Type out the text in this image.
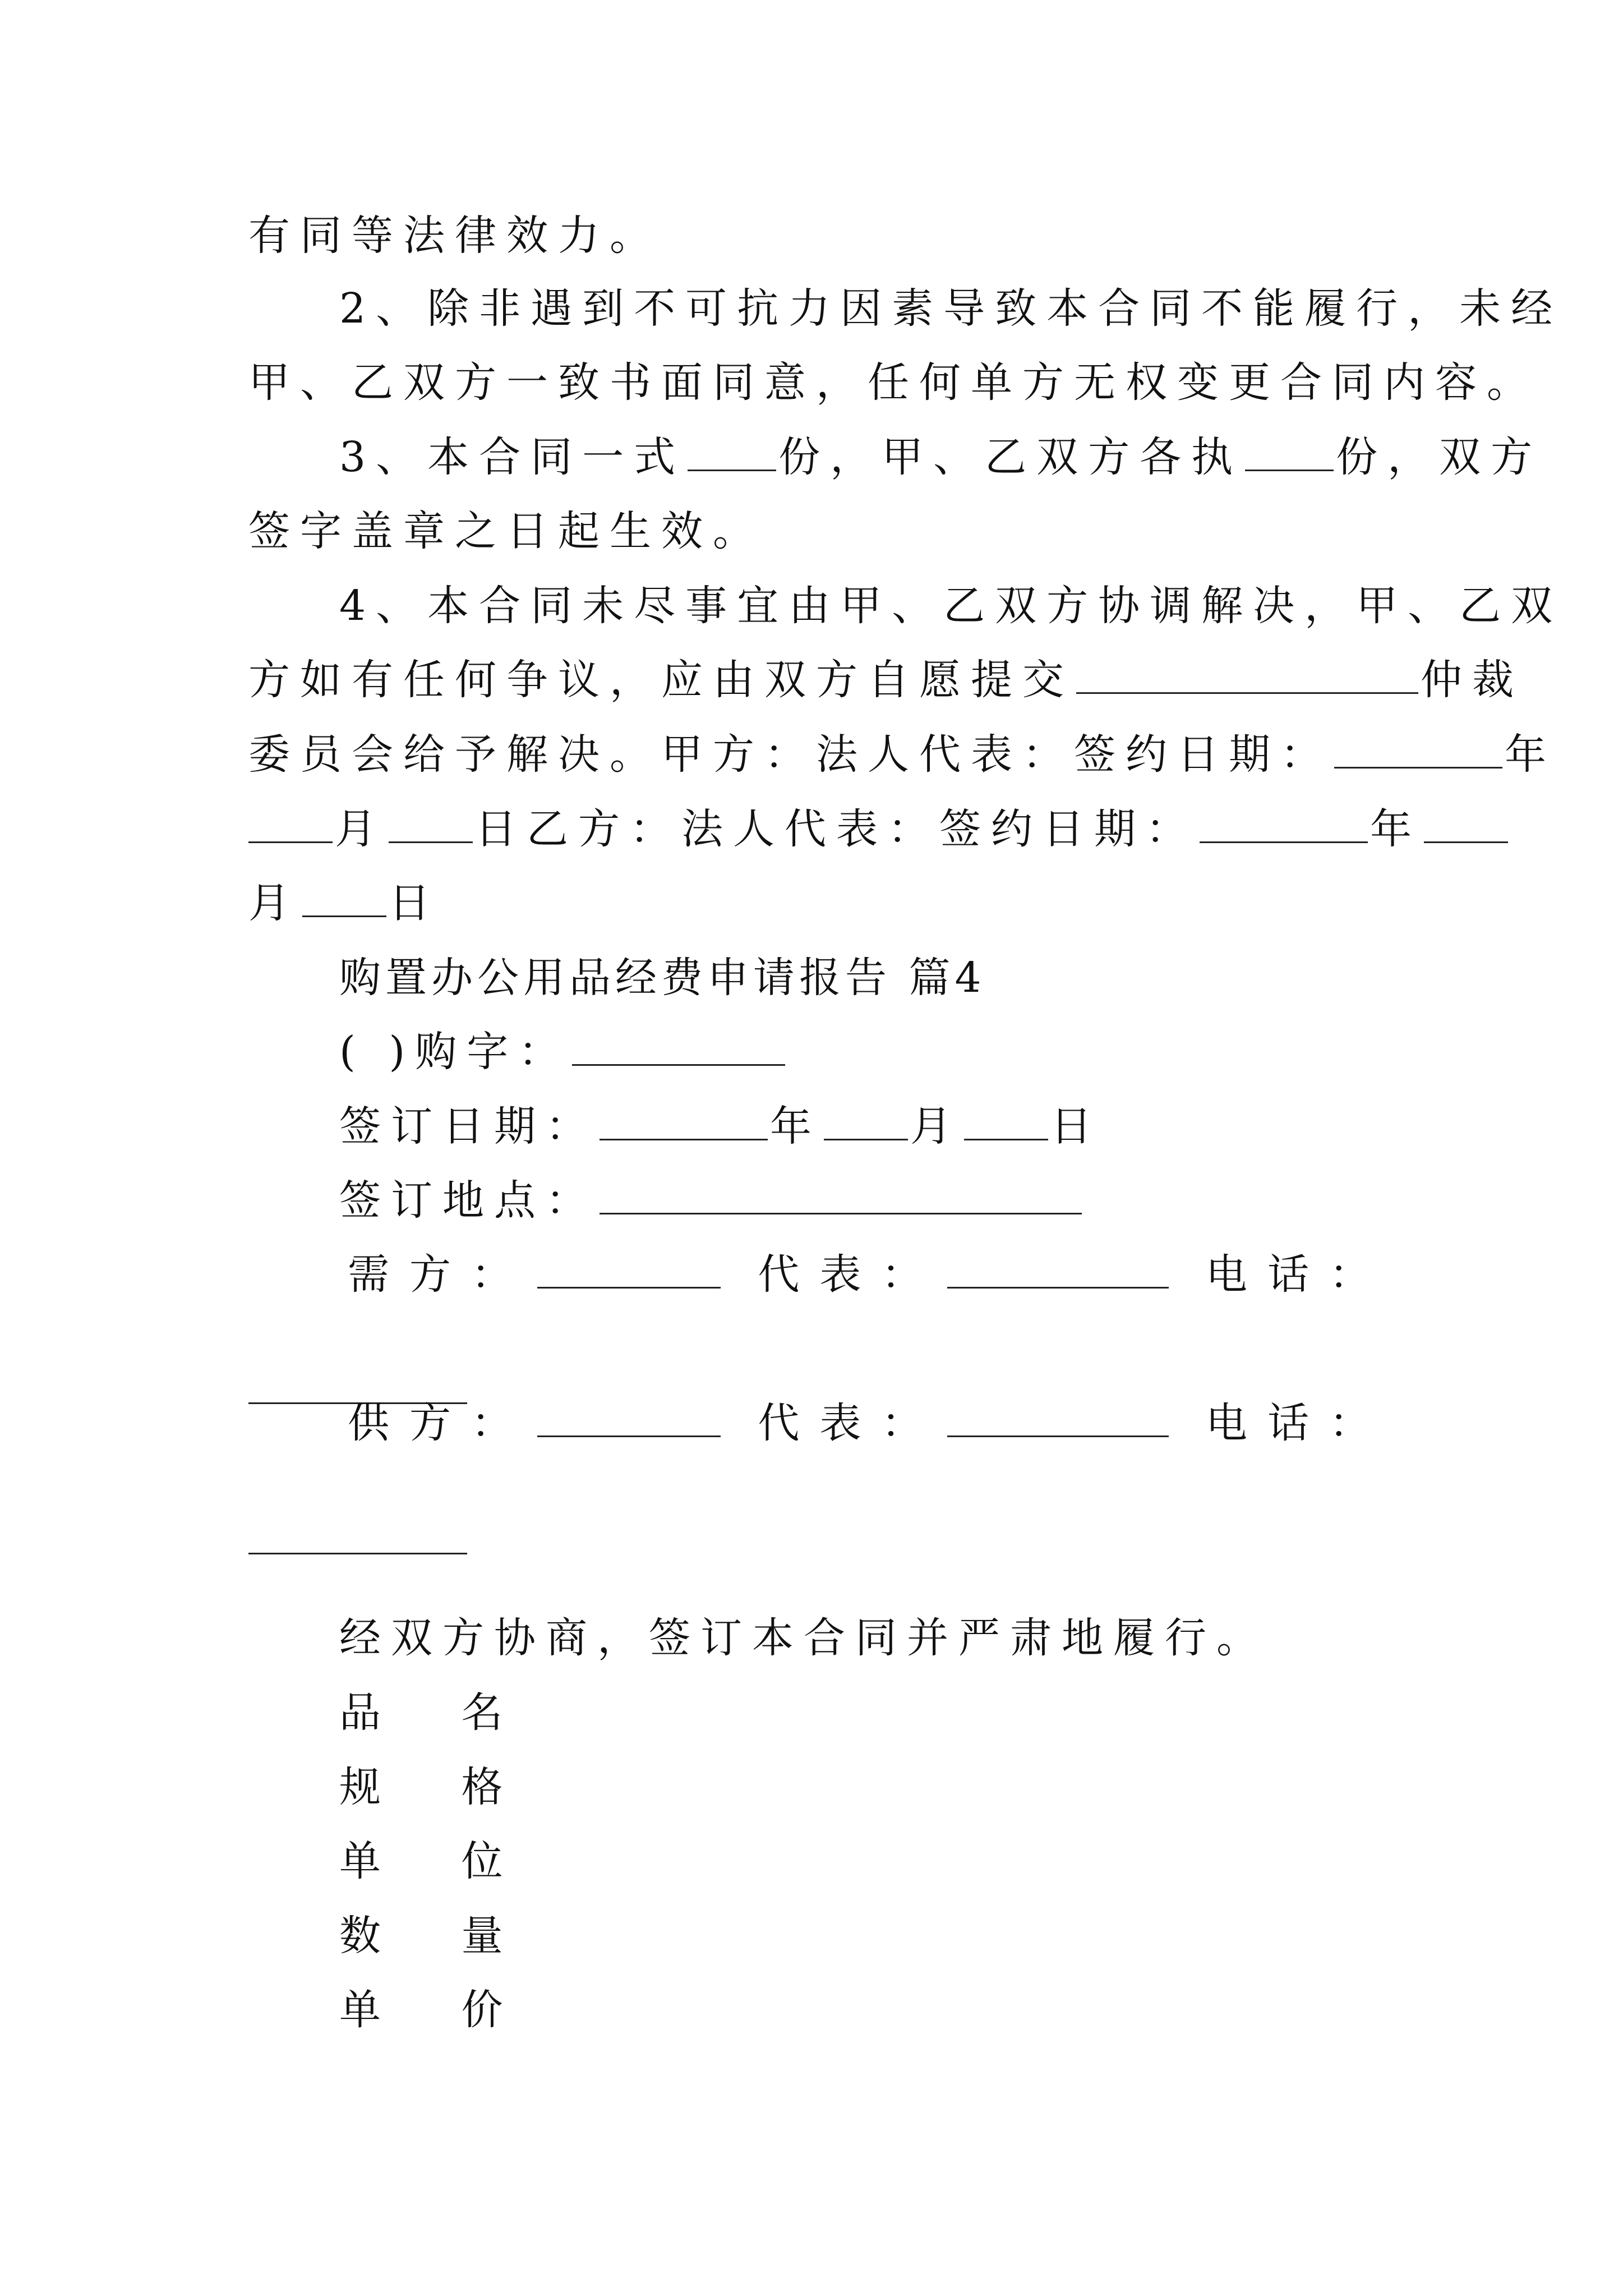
有同等法律效力。
2、除非遇到不可抗力因素导致本合同不能履行，未经
甲、乙双方一致书面同意，任何单方无权变更合同内容。
3、本合同一式 份，甲、乙双方各执 份，双方
签字盖章之日起生效。
4、本合同未尽事宜由甲、乙双方协调解决，甲、乙双
方如有任何争议，应由双方自愿提交	仲裁
委员会给予解决。甲方：法人代表：签约日期：	年
月 日乙方：法人代表：签约日期：	年
月 日
购置办公用品经费申请报告 篇4
( )购字：
签订日期：	年 月 日
签订地点：
需方：	代表：	电话：
供方：	代表：	电话：
经双方协商，签订本合同并严肃地履行。
品 名
规 格
单 位
数 量
单 价
